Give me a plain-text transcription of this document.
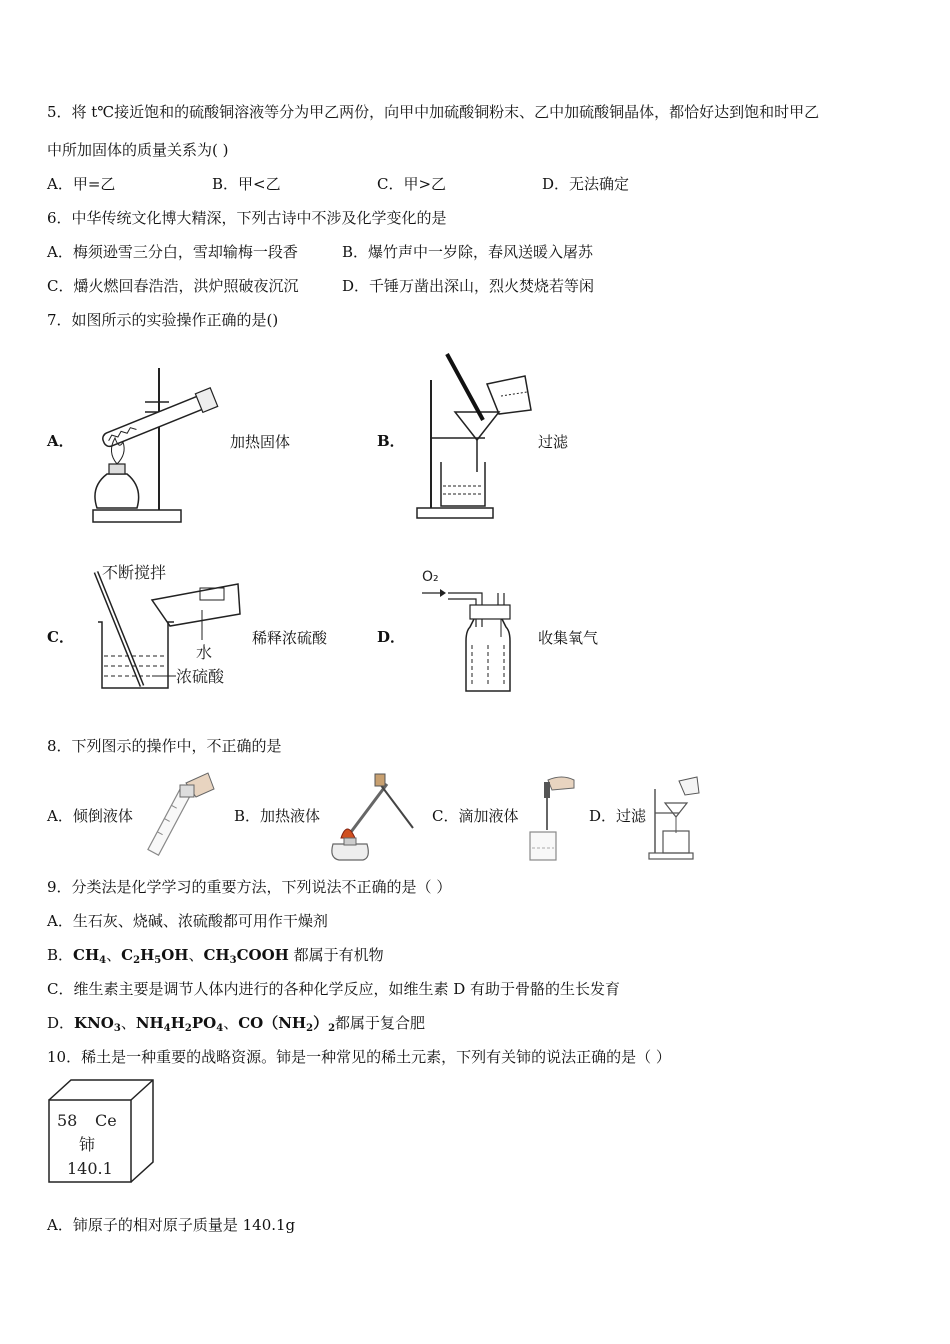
5．将 t℃接近饱和的硫酸铜溶液等分为甲乙两份，向甲中加硫酸铜粉末、乙中加硫酸铜晶体，都恰好达到饱和时甲乙
中所加固体的质量关系为( )
A．甲=乙	B．甲<乙	C．甲>乙	D．无法确定
6．中华传统文化博大精深，下列古诗中不涉及化学变化的是
A．梅须逊雪三分白，雪却输梅一段香	B．爆竹声中一岁除，春风送暖入屠苏
C．爝火燃回春浩浩，洪炉照破夜沉沉	D．千锤万凿出深山，烈火焚烧若等闲
7．如图所示的实验操作正确的是()
A．	加热固体	B．	过滤
C．
不断搅拌
水
浓硫酸
稀释浓硫酸	D．
O₂
收集氧气
8．下列图示的操作中，不正确的是
A．倾倒液体	B．加热液体	C．滴加液体	D．过滤
9．分类法是化学学习的重要方法，下列说法不正确的是（ ）
A．生石灰、烧碱、浓硫酸都可用作干燥剂
B．$CH_4$、$C_2H_5OH$、$CH_3COOH$ 都属于有机物
C．维生素主要是调节人体内进行的各种化学反应，如维生素 D 有助于骨骼的生长发育
D．$KNO_3$、$NH_4H_2PO_4$、$CO(NH_2)_2$都属于复合肥
10．稀土是一种重要的战略资源。铈是一种常见的稀土元素，下列有关铈的说法正确的是（ ）
58 Ce
铈
140.1
A．铈原子的相对原子质量是 140.1g
